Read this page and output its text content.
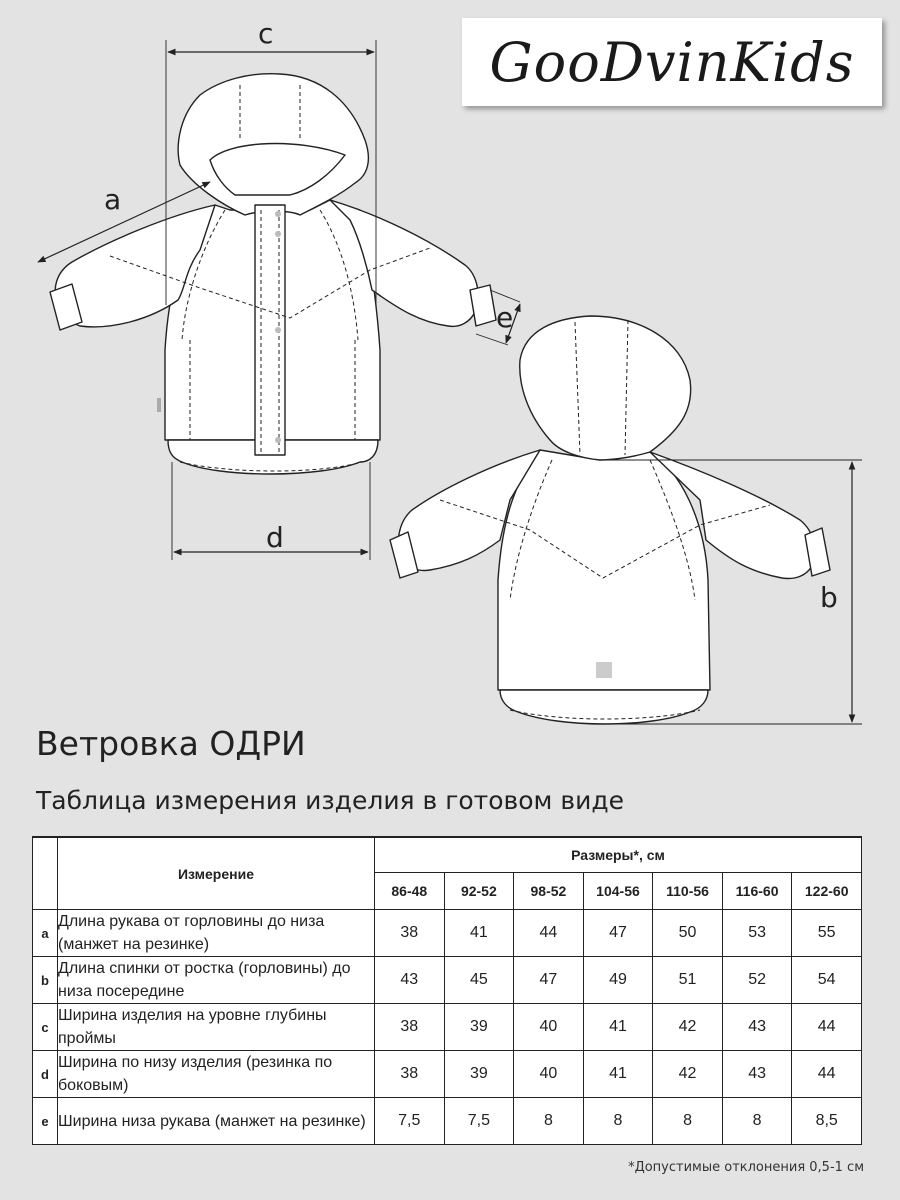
c
a
e
d
b
GooDvinKids
Ветровка ОДРИ
Таблица измерения изделия в готовом виде
	Измерение	Размеры*, см						
		86-48	92-52	98-52	104-56	110-56	116-60	122-60
a	Длина рукава от горловины до низа (манжет на резинке)	38	41	44	47	50	53	55
b	Длина спинки от ростка (горловины) до низа посередине	43	45	47	49	51	52	54
c	Ширина изделия на уровне глубины проймы	38	39	40	41	42	43	44
d	Ширина по низу изделия (резинка по боковым)	38	39	40	41	42	43	44
e	Ширина низа рукава (манжет на резинке)	7,5	7,5	8	8	8	8	8,5
*Допустимые отклонения 0,5-1 см
